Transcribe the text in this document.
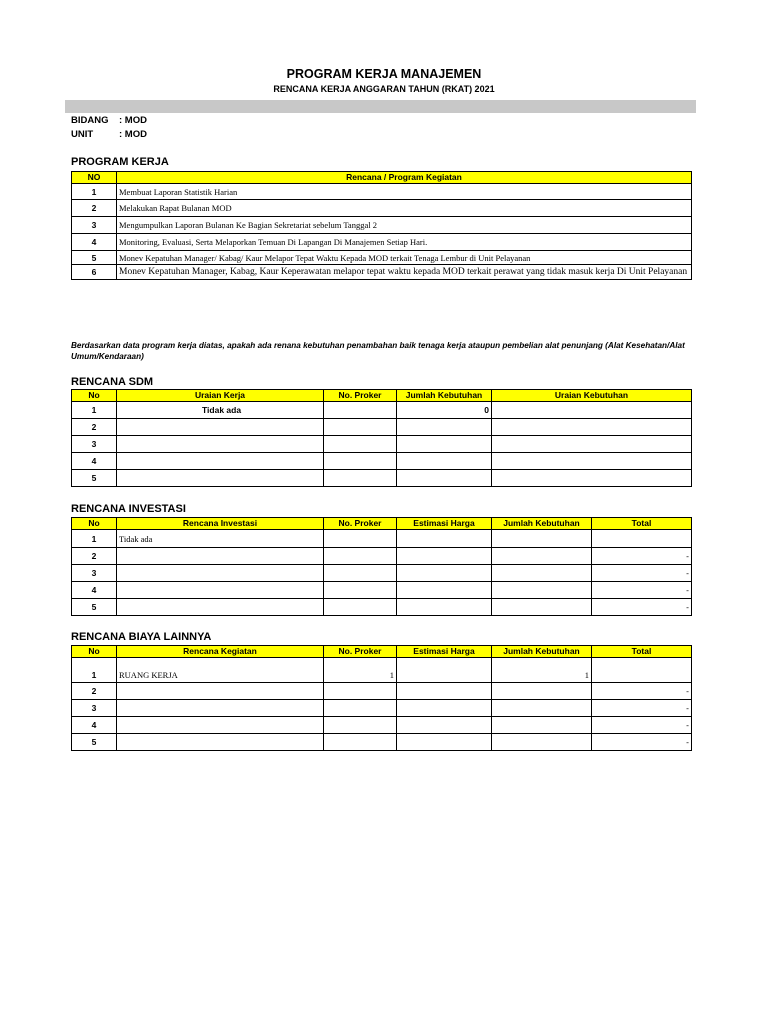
PROGRAM KERJA MANAJEMEN
RENCANA KERJA ANGGARAN TAHUN (RKAT) 2021
BIDANG : MOD
UNIT	: MOD
PROGRAM KERJA
NO	Rencana / Program Kegiatan
1	Membuat Laporan Statistik Harian
2	Melakukan Rapat Bulanan MOD
3	Mengumpulkan Laporan Bulanan Ke Bagian Sekretariat sebelum Tanggal 2
4	Monitoring, Evaluasi, Serta Melaporkan Temuan Di Lapangan Di Manajemen Setiap Hari.
5	Monev Kepatuhan Manager/ Kabag/ Kaur Melapor Tepat Waktu Kepada MOD terkait Tenaga Lembur di Unit Pelayanan
6	Monev Kepatuhan Manager, Kabag, Kaur Keperawatan melapor tepat waktu kepada MOD terkait perawat yang tidak masuk kerja Di Unit Pelayanan
Berdasarkan data program kerja diatas, apakah ada renana kebutuhan penambahan baik tenaga kerja ataupun pembelian alat penunjang (Alat Kesehatan/Alat Umum/Kendaraan)
RENCANA SDM
No	Uraian Kerja	No. Proker	Jumlah Kebutuhan	Uraian Kebutuhan
1	Tidak ada		0	
2				
3				
4				
5				
RENCANA INVESTASI
No	Rencana Investasi	No. Proker	Estimasi Harga	Jumlah Kebutuhan	Total
1	Tidak ada				
2					-
3					-
4					-
5					-
RENCANA BIAYA LAINNYA
No	Rencana Kegiatan	No. Proker	Estimasi Harga	Jumlah Kebutuhan	Total
1	RUANG KERJA	1		1	
2					-
3					-
4					-
5					-
